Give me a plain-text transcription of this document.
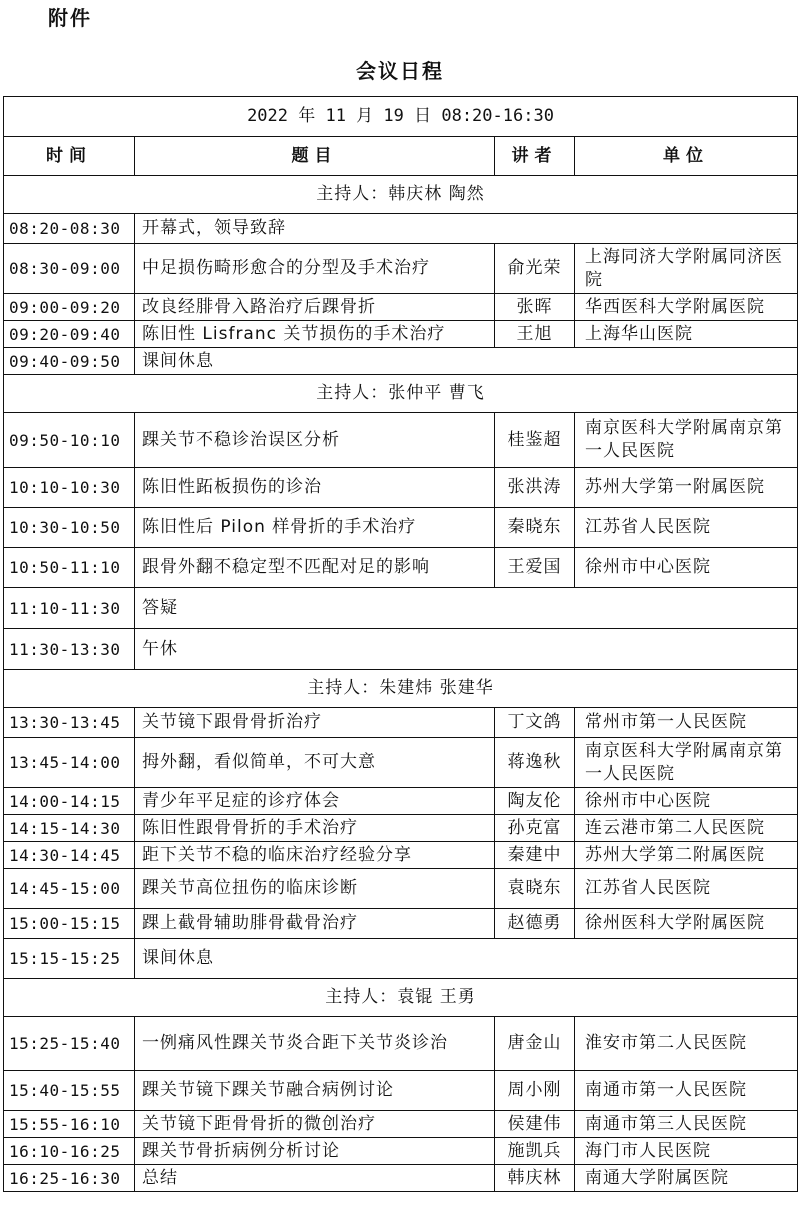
附件
会议日程
2022 年 11 月 19 日 08:20-16:30			
时间	题目	讲者	单位
主持人：韩庆林 陶然			
08:20-08:30	开幕式，领导致辞		
08:30-09:00	中足损伤畸形愈合的分型及手术治疗	俞光荣	上海同济大学附属同济医院
09:00-09:20	改良经腓骨入路治疗后踝骨折	张晖	华西医科大学附属医院
09:20-09:40	陈旧性 Lisfranc 关节损伤的手术治疗	王旭	上海华山医院
09:40-09:50	课间休息		
主持人：张仲平 曹飞			
09:50-10:10	踝关节不稳诊治误区分析	桂鉴超	南京医科大学附属南京第一人民医院
10:10-10:30	陈旧性跖板损伤的诊治	张洪涛	苏州大学第一附属医院
10:30-10:50	陈旧性后 Pilon 样骨折的手术治疗	秦晓东	江苏省人民医院
10:50-11:10	跟骨外翻不稳定型不匹配对足的影响	王爱国	徐州市中心医院
11:10-11:30	答疑		
11:30-13:30	午休		
主持人：朱建炜 张建华			
13:30-13:45	关节镜下跟骨骨折治疗	丁文鸽	常州市第一人民医院
13:45-14:00	拇外翻，看似简单，不可大意	蒋逸秋	南京医科大学附属南京第一人民医院
14:00-14:15	青少年平足症的诊疗体会	陶友伦	徐州市中心医院
14:15-14:30	陈旧性跟骨骨折的手术治疗	孙克富	连云港市第二人民医院
14:30-14:45	距下关节不稳的临床治疗经验分享	秦建中	苏州大学第二附属医院
14:45-15:00	踝关节高位扭伤的临床诊断	袁晓东	江苏省人民医院
15:00-15:15	踝上截骨辅助腓骨截骨治疗	赵德勇	徐州医科大学附属医院
15:15-15:25	课间休息		
主持人：袁锟 王勇			
15:25-15:40	一例痛风性踝关节炎合距下关节炎诊治	唐金山	淮安市第二人民医院
15:40-15:55	踝关节镜下踝关节融合病例讨论	周小刚	南通市第一人民医院
15:55-16:10	关节镜下距骨骨折的微创治疗	侯建伟	南通市第三人民医院
16:10-16:25	踝关节骨折病例分析讨论	施凯兵	海门市人民医院
16:25-16:30	总结	韩庆林	南通大学附属医院
